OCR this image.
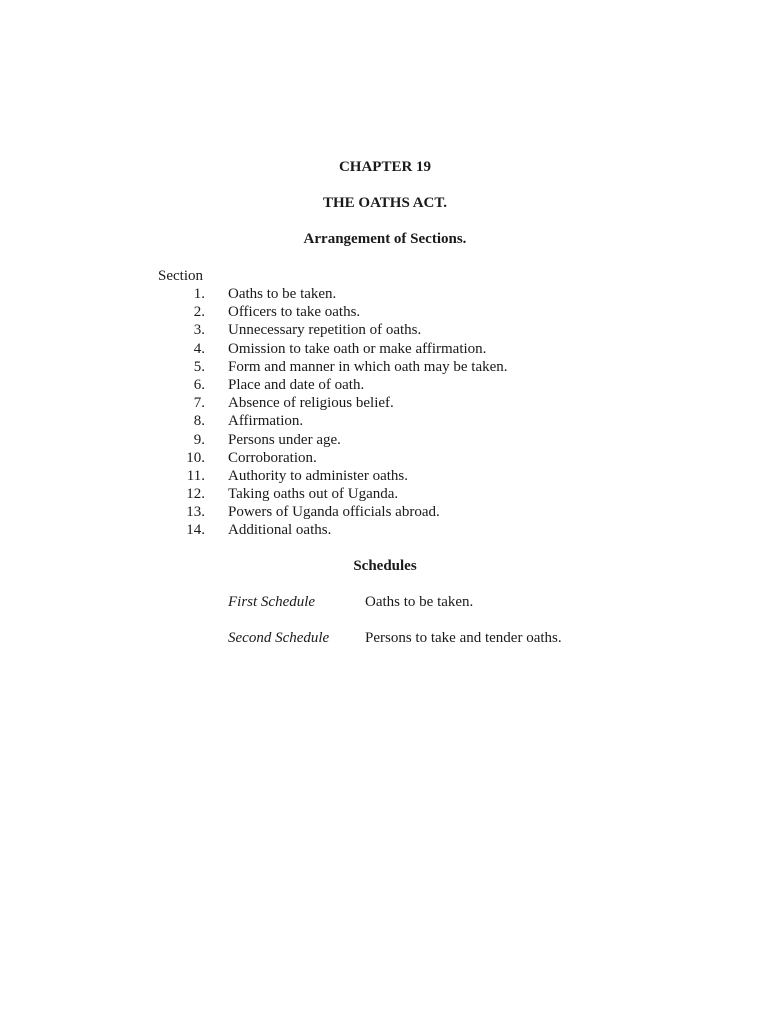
CHAPTER 19
THE OATHS ACT.
Arrangement of Sections.
Section
1. Oaths to be taken.
2. Officers to take oaths.
3. Unnecessary repetition of oaths.
4. Omission to take oath or make affirmation.
5. Form and manner in which oath may be taken.
6. Place and date of oath.
7. Absence of religious belief.
8. Affirmation.
9. Persons under age.
10. Corroboration.
11. Authority to administer oaths.
12. Taking oaths out of Uganda.
13. Powers of Uganda officials abroad.
14. Additional oaths.
Schedules
First Schedule	Oaths to be taken.
Second Schedule Persons to take and tender oaths.
